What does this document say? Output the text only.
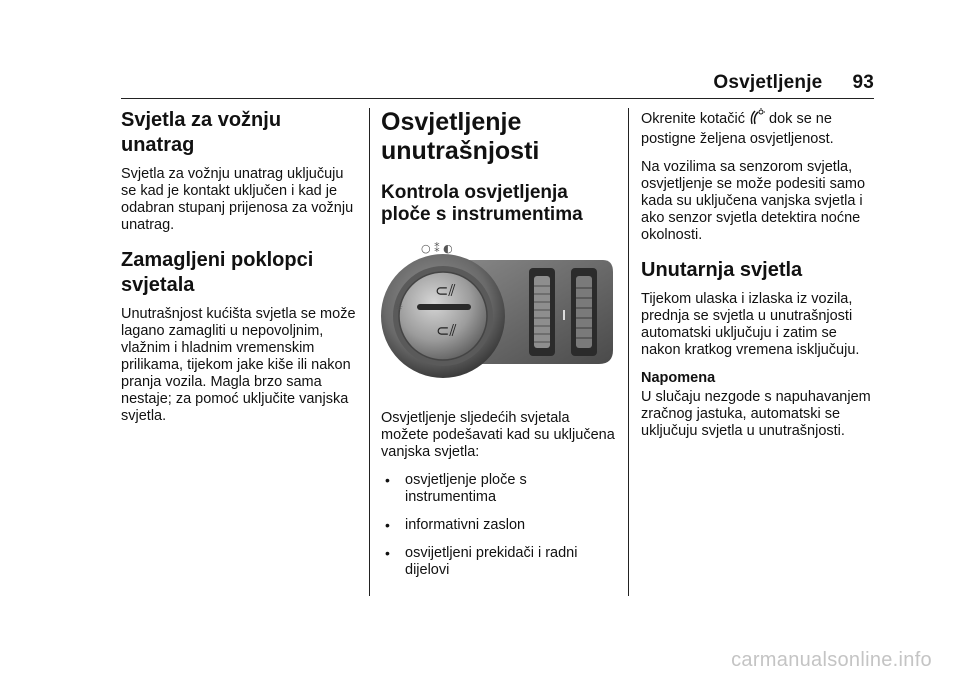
Osvjetljenje 93
Svjetla za vožnju unatrag

Svjetla za vožnju unatrag uključuju se kad je kontakt uključen i kad je odabran stupanj prijenosa za vožnju unatrag.

Zamagljeni poklopci svjetala

Unutrašnjost kućišta svjetla se može lagano zamagliti u nepovoljnim, vlažnim i hladnim vremenskim prilikama, tijekom jake kiše ili nakon pranja vozila. Magla brzo sama nestaje; za pomoć uključite vanjska svjetla.

Osvjetljenje unutrašnjosti
Kontrola osvjetljenja ploče s instrumentima
⊂⫽
⊂⫽
○ ⁑ ◐
☼

Osvjetljenje sljedećih svjetala možete podešavati kad su uključena vanjska svjetla:

• osvjetljenje ploče s instrumentima
• informativni zaslon
• osvijetljeni prekidači i radni dijelovi

Okrenite kotačić dok se ne postigne željena osvjetljenost.

Na vozilima sa senzorom svjetla, osvjetljenje se može podesiti samo kada su uključena vanjska svjetla i ako senzor svjetla detektira noćne okolnosti.

Unutarnja svjetla

Tijekom ulaska i izlaska iz vozila, prednja se svjetla u unutrašnjosti automatski uključuju i zatim se nakon kratkog vremena isključuju.

Napomena

U slučaju nezgode s napuhavanjem zračnog jastuka, automatski se uključuju svjetla u unutrašnjosti.

carmanualsonline.info
